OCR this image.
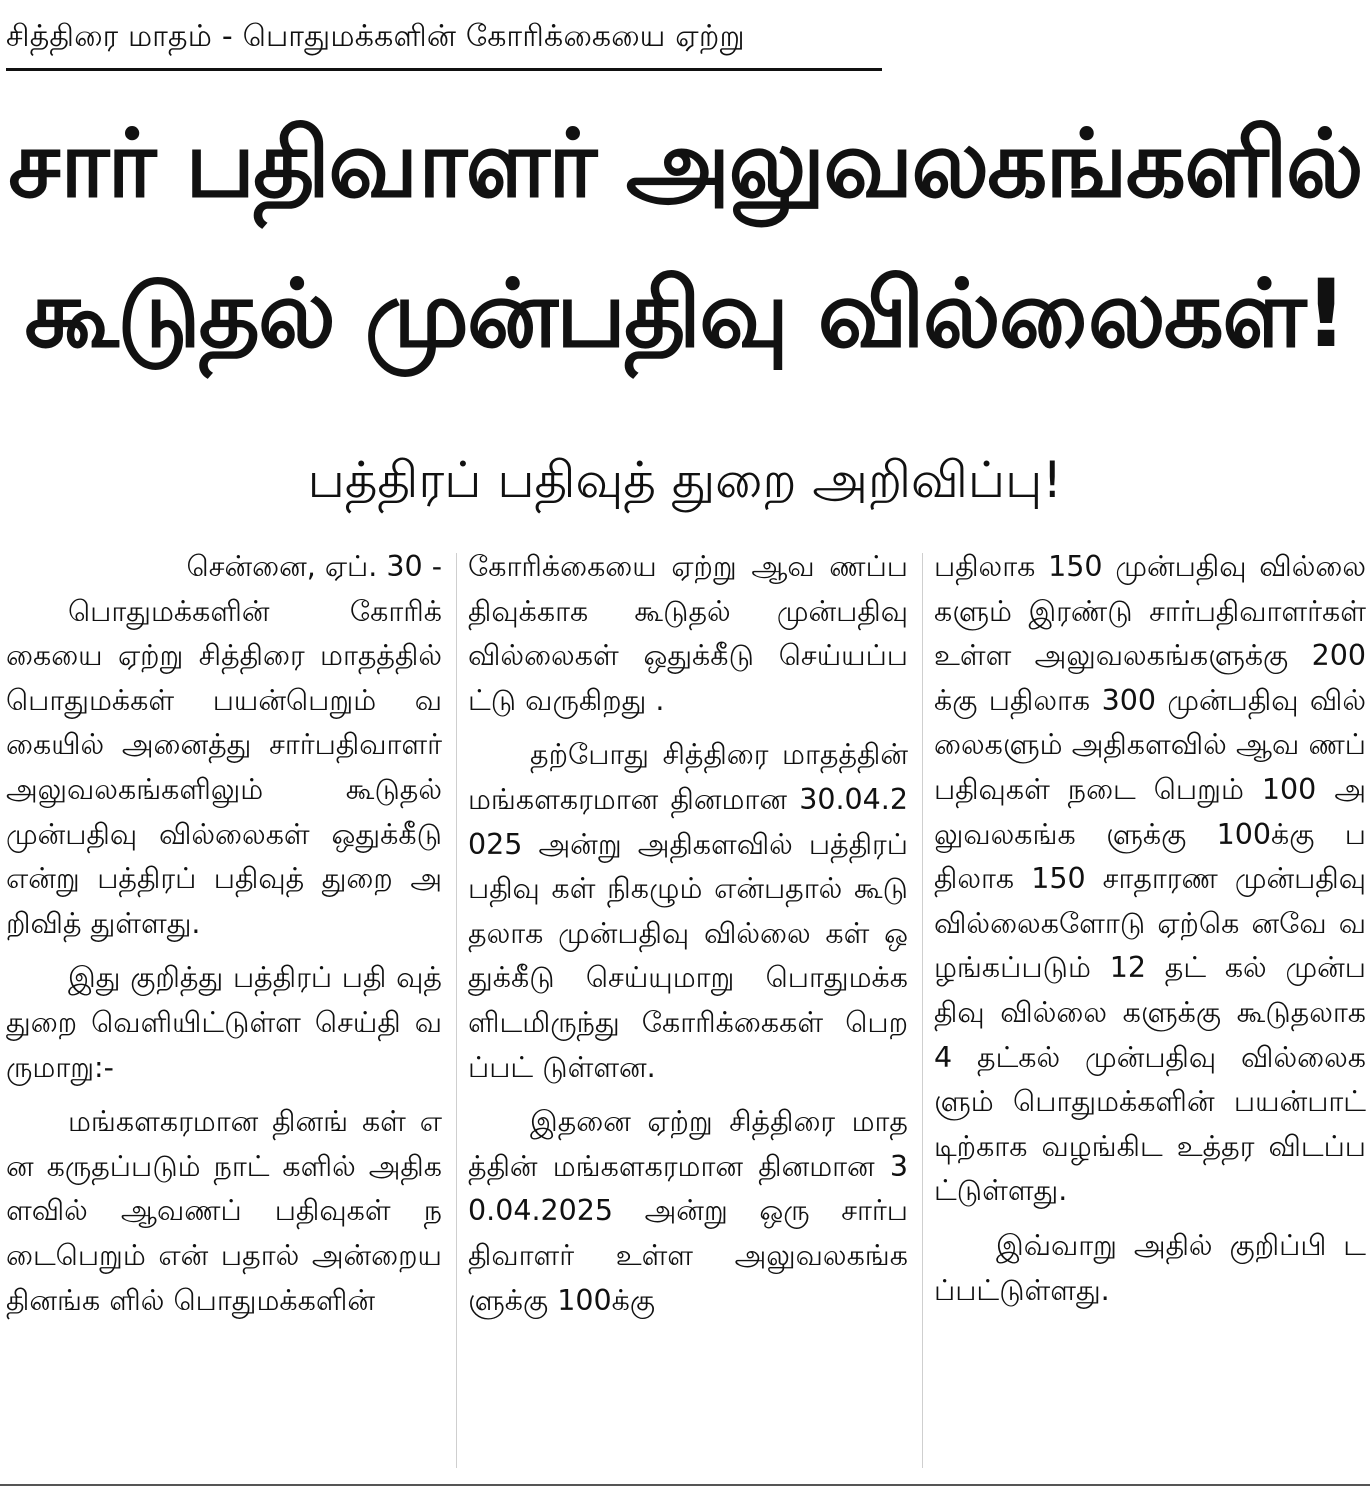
சித்திரை மாதம் - பொதுமக்களின் கோரிக்கையை ஏற்று
சார் பதிவாளர் அலுவலகங்களில்
கூடுதல் முன்பதிவு வில்லைகள்!
பத்திரப் பதிவுத் துறை அறிவிப்பு!

சென்னை, ஏப். 30 -

பொதுமக்களின் கோரிக் கையை ஏற்று சித்திரை மாதத்தில் பொதுமக்கள் பயன்பெறும் வகையில் அனைத்து சார்பதிவாளர் அலுவலகங்களிலும் கூடுதல் முன்பதிவு வில்லைகள் ஒதுக்கீடு என்று பத்திரப் பதிவுத் துறை அறிவித் துள்ளது.

இது குறித்து பத்திரப் பதி வுத் துறை வெளியிட்டுள்ள செய்தி வருமாறு:-

மங்களகரமான தினங் கள் என கருதப்படும் நாட் களில் அதிகளவில் ஆவணப் பதிவுகள் நடைபெறும் என் பதால் அன்றைய தினங்க ளில் பொதுமக்களின்

கோரிக்கையை ஏற்று ஆவ ணப்பதிவுக்காக கூடுதல் முன்பதிவு வில்லைகள் ஒதுக்கீடு செய்யப்பட்டு வருகிறது .

தற்போது சித்திரை மாதத்தின் மங்களகரமான தினமான 30.04.2025 அன்று அதிகளவில் பத்திரப் பதிவு கள் நிகழும் என்பதால் கூடு தலாக முன்பதிவு வில்லை கள் ஒதுக்கீடு செய்யுமாறு பொதுமக்களிடமிருந்து கோரிக்கைகள் பெறப்பட் டுள்ளன.

இதனை ஏற்று சித்திரை மாதத்தின் மங்களகரமான தினமான 30.04.2025 அன்று ஒரு சார்பதிவாளர் உள்ள அலுவலகங்களுக்கு 100க்கு

பதிலாக 150 முன்பதிவு வில்லை களும் இரண்டு சார்பதிவாளர்கள் உள்ள அலுவலகங்களுக்கு 200க்கு பதிலாக 300 முன்பதிவு வில் லைகளும் அதிகளவில் ஆவ ணப் பதிவுகள் நடை பெறும் 100 அலுவலகங்க ளுக்கு 100க்கு பதிலாக 150 சாதாரண முன்பதிவு வில்லைகளோடு ஏற்கெ னவே வழங்கப்படும் 12 தட் கல் முன்பதிவு வில்லை களுக்கு கூடுதலாக 4 தட்கல் முன்பதிவு வில்லைகளும் பொதுமக்களின் பயன்பாட் டிற்காக வழங்கிட உத்தர விடப்பட்டுள்ளது.

இவ்வாறு அதில் குறிப்பி டப்பட்டுள்ளது.
